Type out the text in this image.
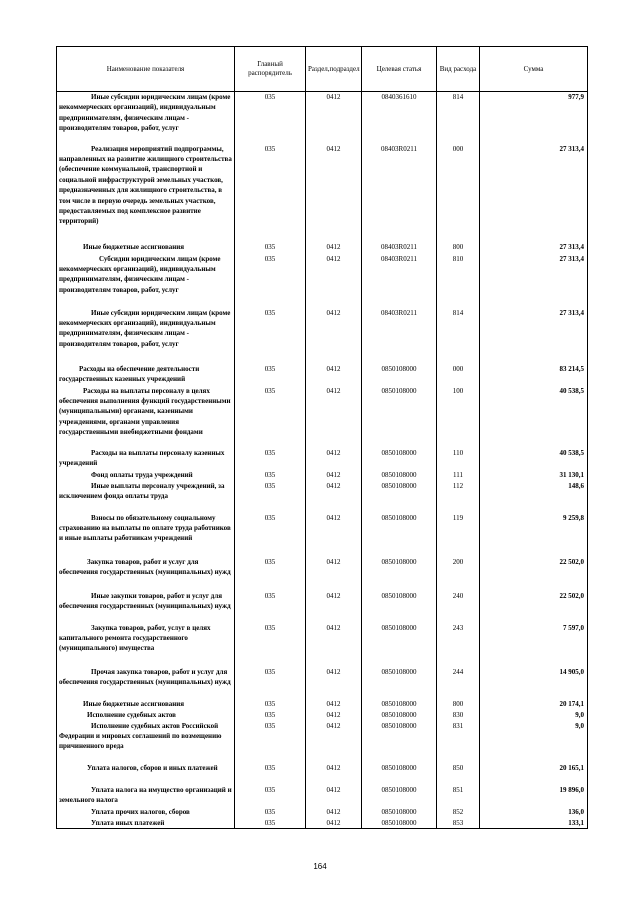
Наименование показателя	Главный распорядитель	Раздел,подраздел	Целевая статья	Вид расхода	Сумма
Иные субсидии юридическим лицам (кроме некоммерческих организаций), индивидуальным предпринимателям, физическим лицам - производителям товаров, работ, услуг	035	0412	0840361610	814	977,9
Реализация мероприятий подпрограммы, направленных на развитие жилищного строительства (обеспечение коммунальной, транспортной и социальной инфраструктурой земельных участков, предназначенных для жилищного строительства, в том числе в первую очередь земельных участков, предоставляемых под комплексное развитие территорий)	035	0412	08403R0211	000	27 313,4
Иные бюджетные ассигнования	035	0412	08403R0211	800	27 313,4
Субсидии юридическим лицам (кроме некоммерческих организаций), индивидуальным предпринимателям, физическим лицам - производителям товаров, работ, услуг	035	0412	08403R0211	810	27 313,4
Иные субсидии юридическим лицам (кроме некоммерческих организаций), индивидуальным предпринимателям, физическим лицам - производителям товаров, работ, услуг	035	0412	08403R0211	814	27 313,4
Расходы на обеспечение деятельности государственных казенных учреждений	035	0412	0850108000	000	83 214,5
Расходы на выплаты персоналу в целях обеспечения выполнения функций государственными (муниципальными) органами, казенными учреждениями, органами управления государственными внебюджетными фондами	035	0412	0850108000	100	40 538,5
Расходы на выплаты персоналу казенных учреждений	035	0412	0850108000	110	40 538,5
Фонд оплаты труда учреждений	035	0412	0850108000	111	31 130,1
Иные выплаты персоналу учреждений, за исключением фонда оплаты труда	035	0412	0850108000	112	148,6
Взносы по обязательному социальному страхованию на выплаты по оплате труда работников и иные выплаты работникам учреждений	035	0412	0850108000	119	9 259,8
Закупка товаров, работ и услуг для обеспечения государственных (муниципальных) нужд	035	0412	0850108000	200	22 502,0
Иные закупки товаров, работ и услуг для обеспечения государственных (муниципальных) нужд	035	0412	0850108000	240	22 502,0
Закупка товаров, работ, услуг в целях капитального ремонта государственного (муниципального) имущества	035	0412	0850108000	243	7 597,0
Прочая закупка товаров, работ и услуг для обеспечения государственных (муниципальных) нужд	035	0412	0850108000	244	14 905,0
Иные бюджетные ассигнования	035	0412	0850108000	800	20 174,1
Исполнение судебных актов	035	0412	0850108000	830	9,0
Исполнение судебных актов Российской Федерации и мировых соглашений по возмещению причиненного вреда	035	0412	0850108000	831	9,0
Уплата налогов, сборов и иных платежей	035	0412	0850108000	850	20 165,1
Уплата налога на имущество организаций и земельного налога	035	0412	0850108000	851	19 896,0
Уплата прочих налогов, сборов	035	0412	0850108000	852	136,0
Уплата иных платежей	035	0412	0850108000	853	133,1
164
